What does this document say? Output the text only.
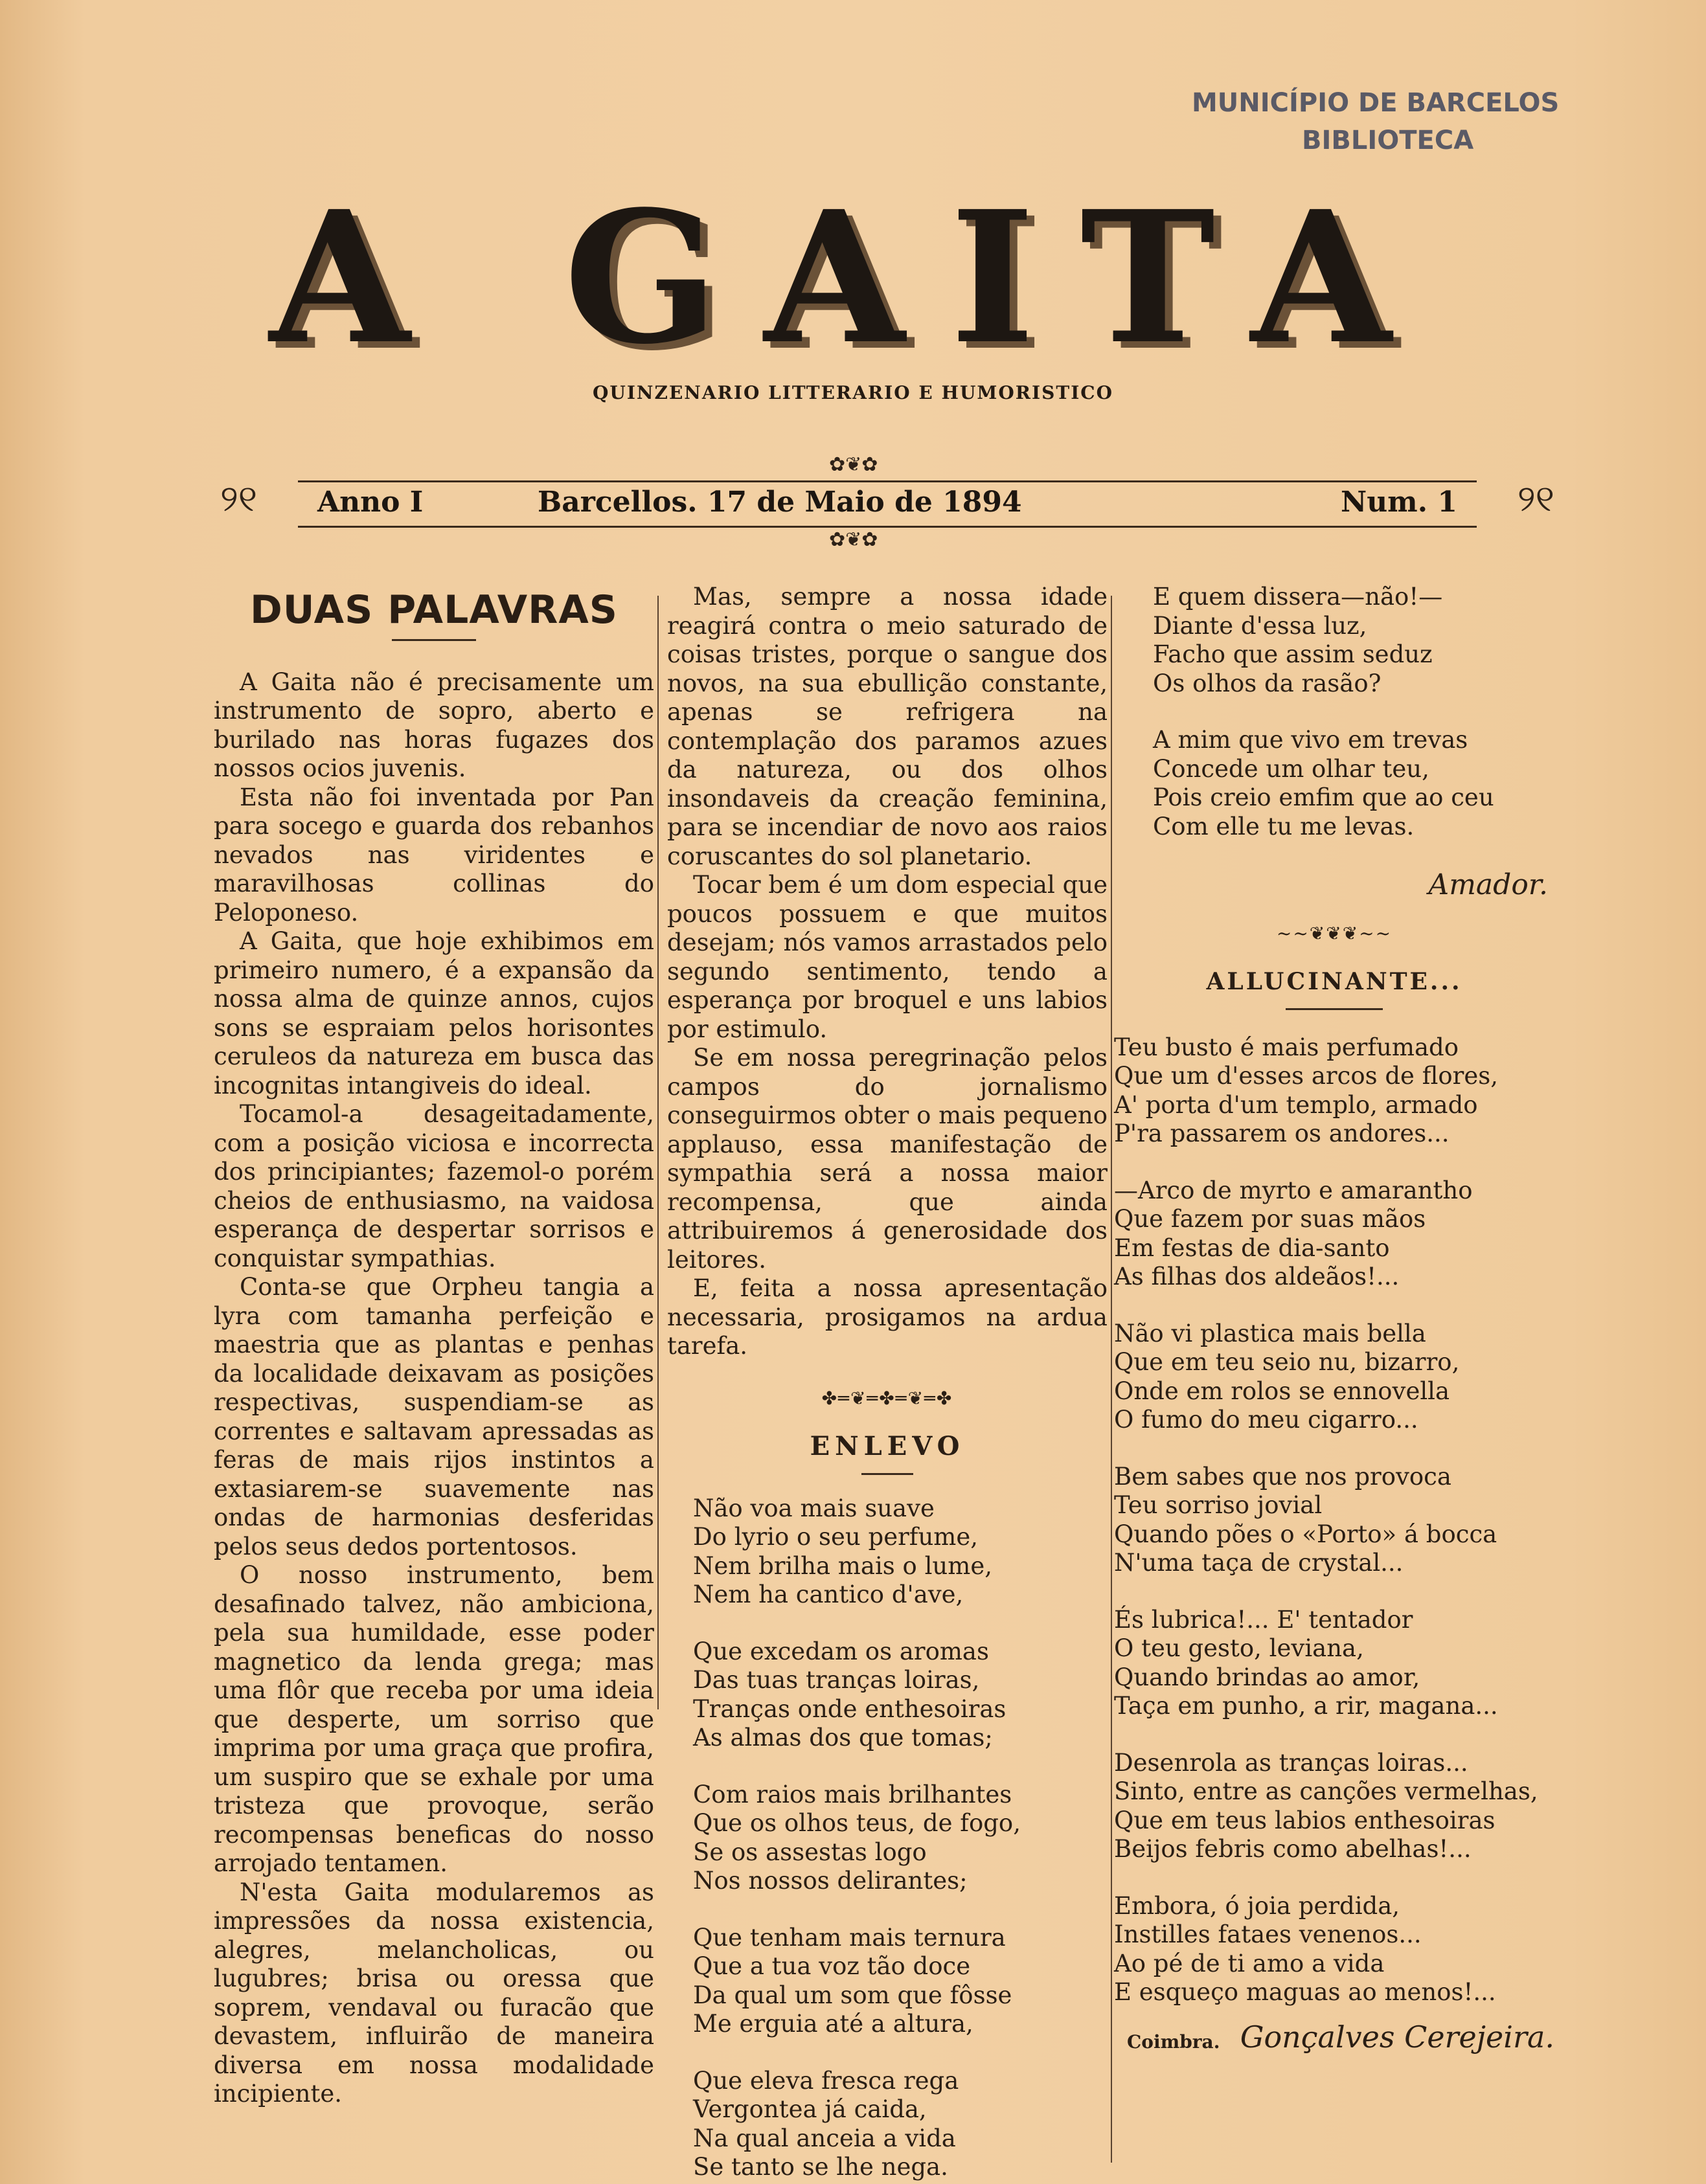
MUNICÍPIO DE BARCELOS
BIBLIOTECA
A GAITA
QUINZENARIO LITTERARIO E HUMORISTICO
୨୧	୨୧
✿❦✿
✿❦✿
Anno I	Barcellos. 17 de Maio de 1894	Num. 1
DUAS PALAVRAS

A Gaita não é precisamente um instrumento de sopro, aberto e burilado nas horas fugazes dos nossos ocios juvenis.

Esta não foi inventada por Pan para socego e guarda dos rebanhos nevados nas viridentes e maravilhosas collinas do Peloponeso.

A Gaita, que hoje exhibimos em primeiro numero, é a expansão da nossa alma de quinze annos, cujos sons se espraiam pelos horisontes ceruleos da natureza em busca das incognitas intangiveis do ideal.

Tocamol-a desageitadamente, com a posição viciosa e incorrecta dos principiantes; fazemol-o porém cheios de enthusiasmo, na vaidosa esperança de despertar sorrisos e conquistar sympathias.

Conta-se que Orpheu tangia a lyra com tamanha perfeição e maestria que as plantas e penhas da localidade deixavam as posições respectivas, suspendiam-se as correntes e saltavam apressadas as feras de mais rijos instintos a extasiarem-se suavemente nas ondas de harmonias desferidas pelos seus dedos portentosos.

O nosso instrumento, bem desafinado talvez, não ambiciona, pela sua humildade, esse poder magnetico da lenda grega; mas uma flôr que receba por uma ideia que desperte, um sorriso que imprima por uma graça que profira, um suspiro que se exhale por uma tristeza que provoque, serão recompensas beneficas do nosso arrojado tentamen.

N'esta Gaita modularemos as impressões da nossa existencia, alegres, melancholicas, ou lugubres; brisa ou oressa que soprem, vendaval ou furacão que devastem, influirão de maneira diversa em nossa modalidade incipiente.

Mas, sempre a nossa idade reagirá contra o meio saturado de coisas tristes, porque o sangue dos novos, na sua ebullição constante, apenas se refrigera na contemplação dos paramos azues da natureza, ou dos olhos insondaveis da creação feminina, para se incendiar de novo aos raios coruscantes do sol planetario.

Tocar bem é um dom especial que poucos possuem e que muitos desejam; nós vamos arrastados pelo segundo sentimento, tendo a esperança por broquel e uns labios por estimulo.

Se em nossa peregrinação pelos campos do jornalismo conseguirmos obter o mais pequeno applauso, essa manifestação de sympathia será a nossa maior recompensa, que ainda attribuiremos á generosidade dos leitores.

E, feita a nossa apresentação necessaria, prosigamos na ardua tarefa.

✤═❦═✤═❦═✤
ENLEVO
Não voa mais suave
Do lyrio o seu perfume,
Nem brilha mais o lume,
Nem ha cantico d'ave,
Que excedam os aromas
Das tuas tranças loiras,
Tranças onde enthesoiras
As almas dos que tomas;
Com raios mais brilhantes
Que os olhos teus, de fogo,
Se os assestas logo
Nos nossos delirantes;
Que tenham mais ternura
Que a tua voz tão doce
Da qual um som que fôsse
Me erguia até a altura,
Que eleva fresca rega
Vergontea já caida,
Na qual anceia a vida
Se tanto se lhe nega.
E quem dissera—não!—
Diante d'essa luz,
Facho que assim seduz
Os olhos da rasão?
A mim que vivo em trevas
Concede um olhar teu,
Pois creio emfim que ao ceu
Com elle tu me levas.
Amador.
~~❦❦❦~~
ALLUCINANTE...
Teu busto é mais perfumado
Que um d'esses arcos de flores,
A' porta d'um templo, armado
P'ra passarem os andores...
—Arco de myrto e amarantho
Que fazem por suas mãos
Em festas de dia-santo
As filhas dos aldeãos!...
Não vi plastica mais bella
Que em teu seio nu, bizarro,
Onde em rolos se ennovella
O fumo do meu cigarro...
Bem sabes que nos provoca
Teu sorriso jovial
Quando pões o «Porto» á bocca
N'uma taça de crystal...
És lubrica!... E' tentador
O teu gesto, leviana,
Quando brindas ao amor,
Taça em punho, a rir, magana...
Desenrola as tranças loiras...
Sinto, entre as canções vermelhas,
Que em teus labios enthesoiras
Beijos febris como abelhas!...
Embora, ó joia perdida,
Instilles fataes venenos...
Ao pé de ti amo a vida
E esqueço maguas ao menos!...
Coimbra. Gonçalves Cerejeira.
